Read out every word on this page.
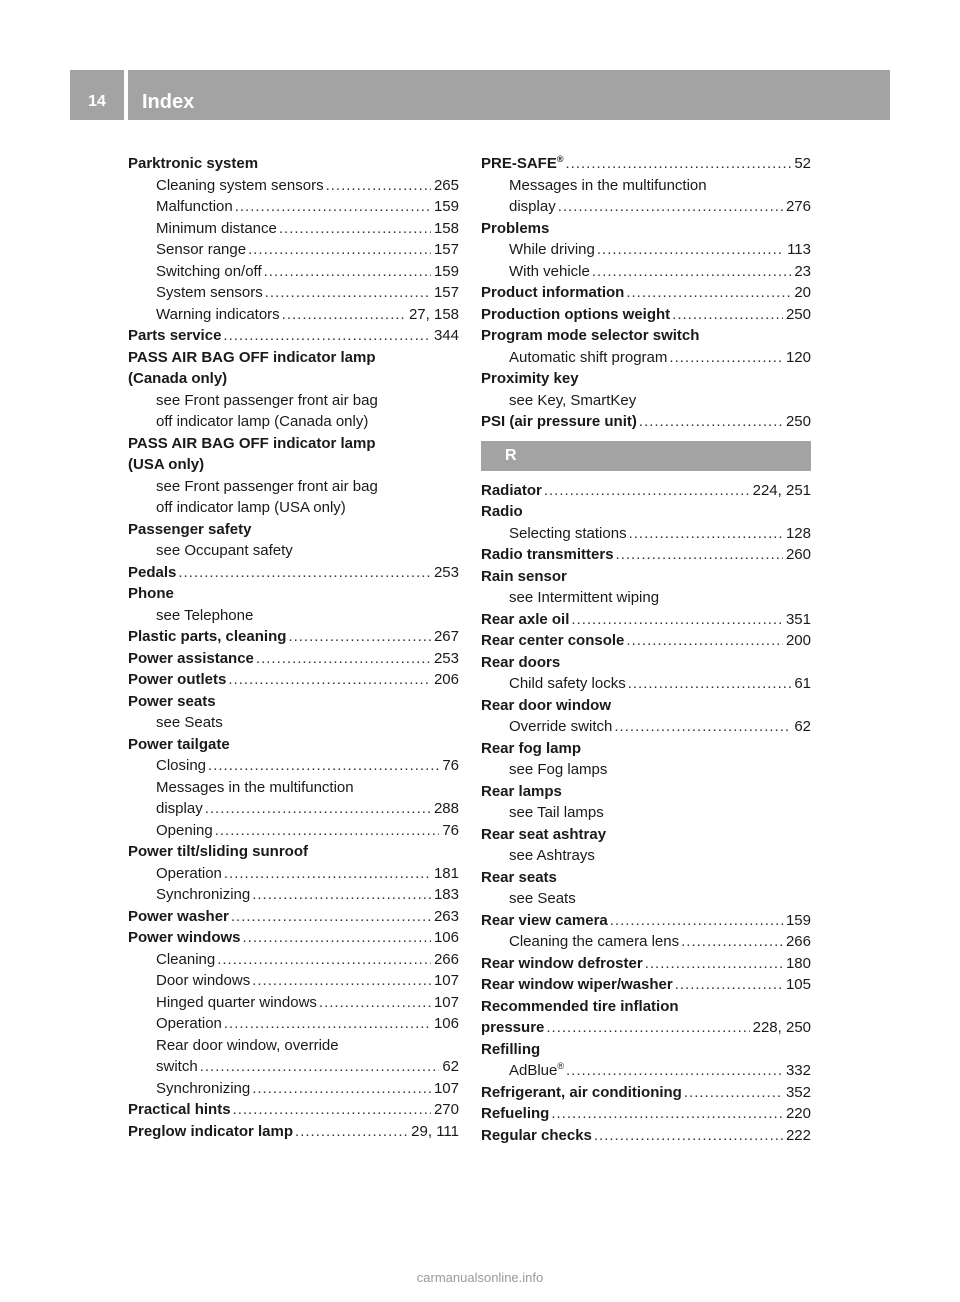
14	Index
Parktronic system
Cleaning system sensors .....	265
Malfunction .....	159
Minimum distance .....	158
Sensor range .....	157
Switching on/off .....	159
System sensors .....	157
Warning indicators .....	27, 158
Parts service .....	344
PASS AIR BAG OFF indicator lamp
(Canada only)
see Front passenger front air bag
off indicator lamp (Canada only)
PASS AIR BAG OFF indicator lamp
(USA only)
see Front passenger front air bag
off indicator lamp (USA only)
Passenger safety
see Occupant safety
Pedals .....	253
Phone
see Telephone
Plastic parts, cleaning .....	267
Power assistance .....	253
Power outlets .....	206
Power seats
see Seats
Power tailgate
Closing .....	76
Messages in the multifunction
display .....	288
Opening .....	76
Power tilt/sliding sunroof
Operation .....	181
Synchronizing .....	183
Power washer .....	263
Power windows .....	106
Cleaning .....	266
Door windows .....	107
Hinged quarter windows .....	107
Operation .....	106
Rear door window, override
switch .....	62
Synchronizing .....	107
Practical hints .....	270
Preglow indicator lamp .....	29, 111
PRE-SAFE® .....	52
Messages in the multifunction
display .....	276
Problems
While driving .....	113
With vehicle .....	23
Product information .....	20
Production options weight .....	250
Program mode selector switch
Automatic shift program .....	120
Proximity key
see Key, SmartKey
PSI (air pressure unit) .....	250
R
Radiator .....	224, 251
Radio
Selecting stations .....	128
Radio transmitters .....	260
Rain sensor
see Intermittent wiping
Rear axle oil .....	351
Rear center console .....	200
Rear doors
Child safety locks .....	61
Rear door window
Override switch .....	62
Rear fog lamp
see Fog lamps
Rear lamps
see Tail lamps
Rear seat ashtray
see Ashtrays
Rear seats
see Seats
Rear view camera .....	159
Cleaning the camera lens .....	266
Rear window defroster .....	180
Rear window wiper/washer .....	105
Recommended tire inflation
pressure .....	228, 250
Refilling
AdBlue® .....	332
Refrigerant, air conditioning .....	352
Refueling .....	220
Regular checks .....	222
carmanualsonline.info
